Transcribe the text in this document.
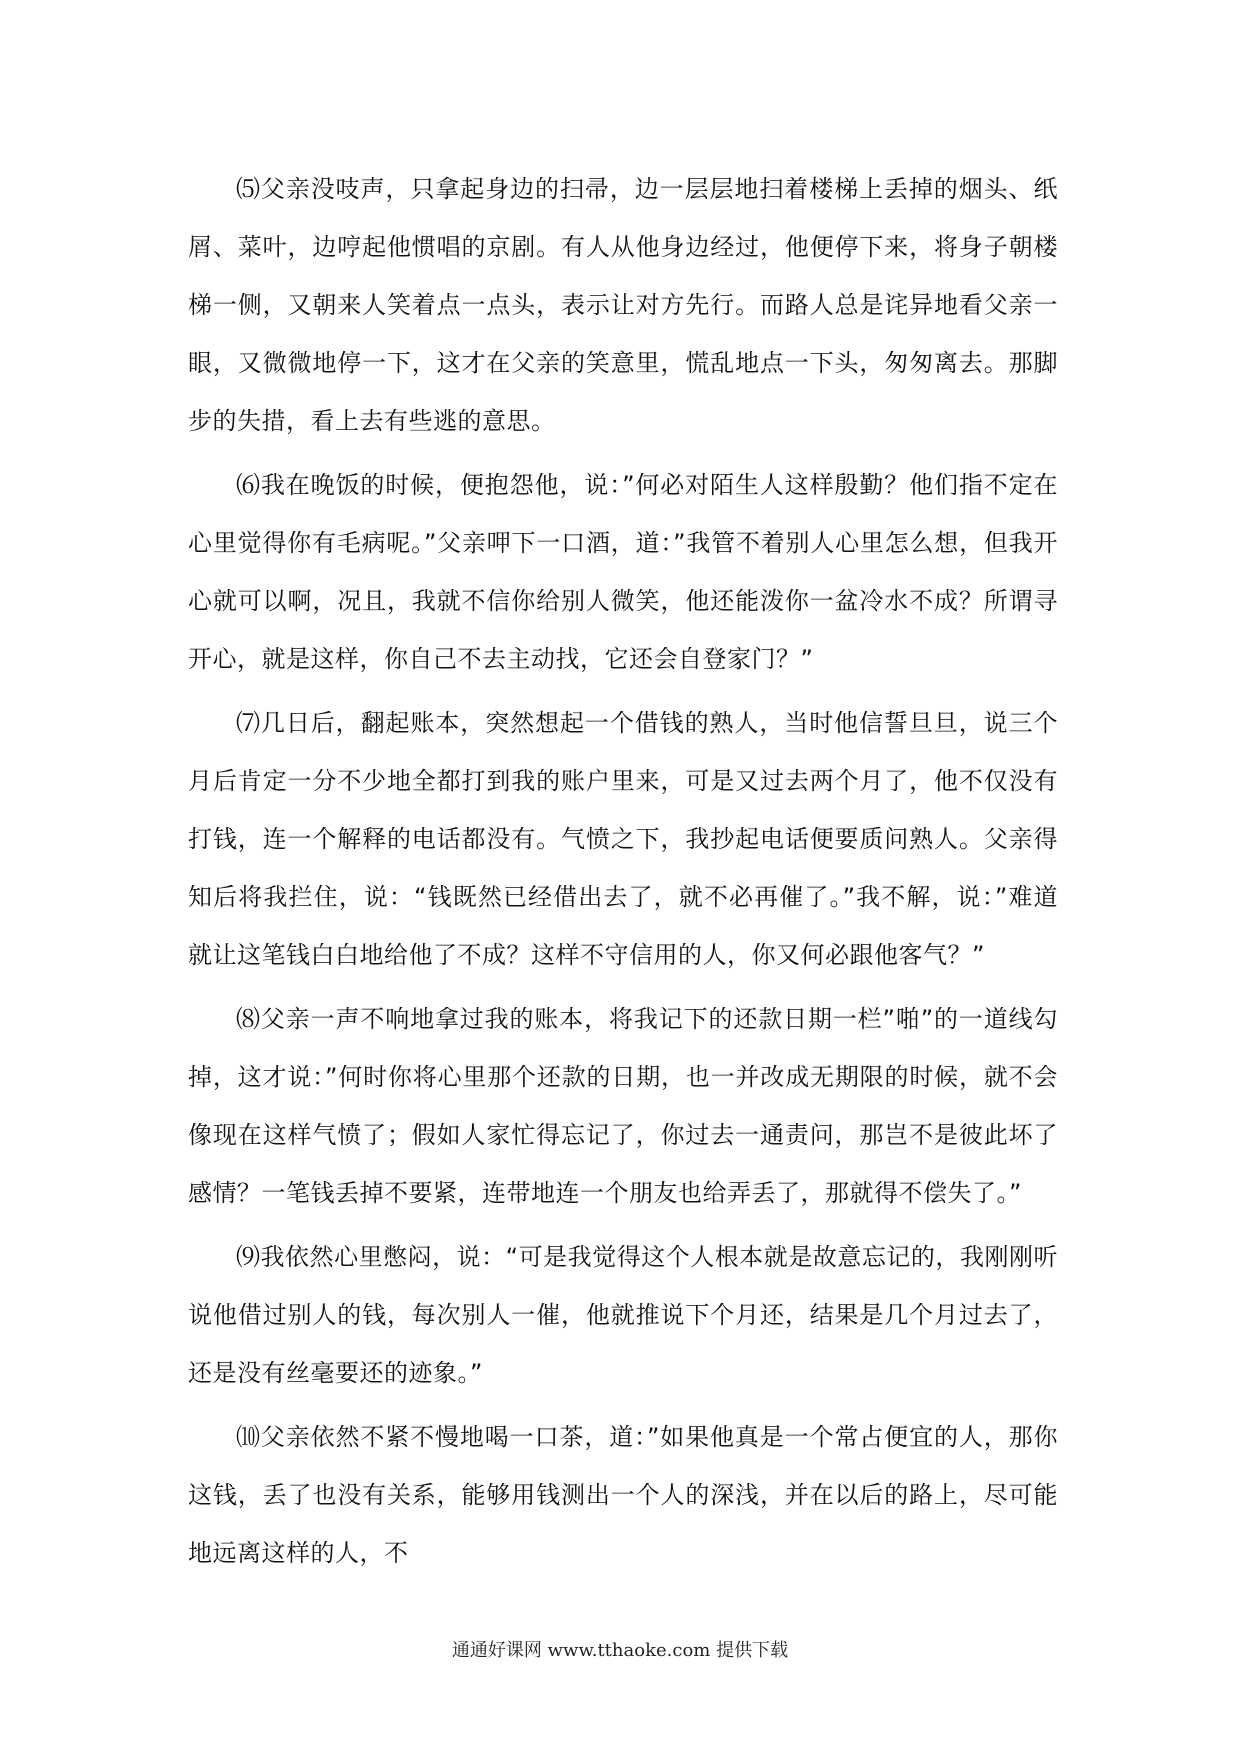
⑸父亲没吱声，只拿起身边的扫帚，边一层层地扫着楼梯上丢掉的烟头、纸屑、菜叶，边哼起他惯唱的京剧。有人从他身边经过，他便停下来，将身子朝楼梯一侧，又朝来人笑着点一点头，表示让对方先行。而路人总是诧异地看父亲一眼，又微微地停一下，这才在父亲的笑意里，慌乱地点一下头，匆匆离去。那脚步的失措，看上去有些逃的意思。

⑹我在晚饭的时候，便抱怨他，说：”何必对陌生人这样殷勤？他们指不定在心里觉得你有毛病呢。”父亲呷下一口酒，道：”我管不着别人心里怎么想，但我开心就可以啊，况且，我就不信你给别人微笑，他还能泼你一盆冷水不成？所谓寻开心，就是这样，你自己不去主动找，它还会自登家门？”

⑺几日后，翻起账本，突然想起一个借钱的熟人，当时他信誓旦旦，说三个月后肯定一分不少地全都打到我的账户里来，可是又过去两个月了，他不仅没有打钱，连一个解释的电话都没有。气愤之下，我抄起电话便要质问熟人。父亲得知后将我拦住，说：“钱既然已经借出去了，就不必再催了。”我不解，说：”难道就让这笔钱白白地给他了不成？这样不守信用的人，你又何必跟他客气？”

⑻父亲一声不响地拿过我的账本，将我记下的还款日期一栏”啪”的一道线勾掉，这才说：”何时你将心里那个还款的日期，也一并改成无期限的时候，就不会像现在这样气愤了；假如人家忙得忘记了，你过去一通责问，那岂不是彼此坏了感情？一笔钱丢掉不要紧，连带地连一个朋友也给弄丢了，那就得不偿失了。”

⑼我依然心里憋闷，说：“可是我觉得这个人根本就是故意忘记的，我刚刚听说他借过别人的钱，每次别人一催，他就推说下个月还，结果是几个月过去了，还是没有丝毫要还的迹象。”

⑽父亲依然不紧不慢地喝一口茶，道：”如果他真是一个常占便宜的人，那你这钱，丢了也没有关系，能够用钱测出一个人的深浅，并在以后的路上，尽可能地远离这样的人，不

通通好课网 www.tthaoke.com 提供下载
